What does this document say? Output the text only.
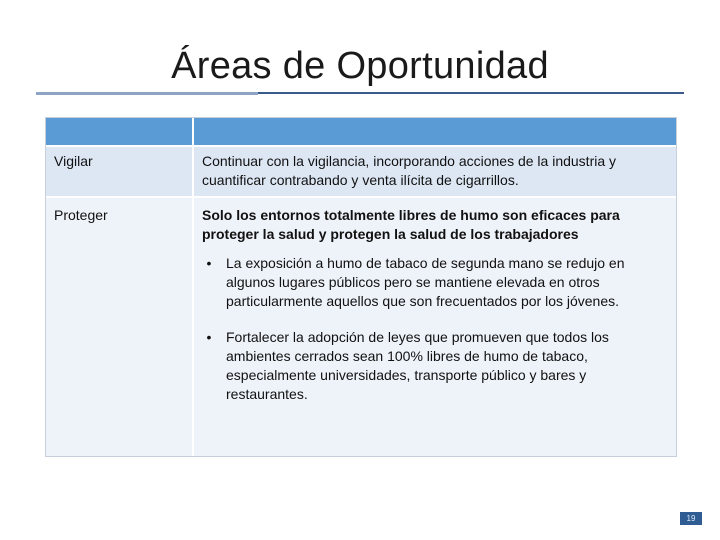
Áreas de Oportunidad
Vigilar	Continuar con la vigilancia, incorporando acciones de la industria y cuantificar contrabando y venta ilícita de cigarrillos.
Proteger	Solo los entornos totalmente libres de humo son eficaces para proteger la salud y protegen la salud de los trabajadores
•	La exposición a humo de tabaco de segunda mano se redujo en algunos lugares públicos pero se mantiene elevada en otros particularmente aquellos que son frecuentados por los jóvenes.
•	Fortalecer la adopción de leyes que promueven que todos los ambientes cerrados sean 100% libres de humo de tabaco, especialmente universidades, transporte público y bares y restaurantes.
19
